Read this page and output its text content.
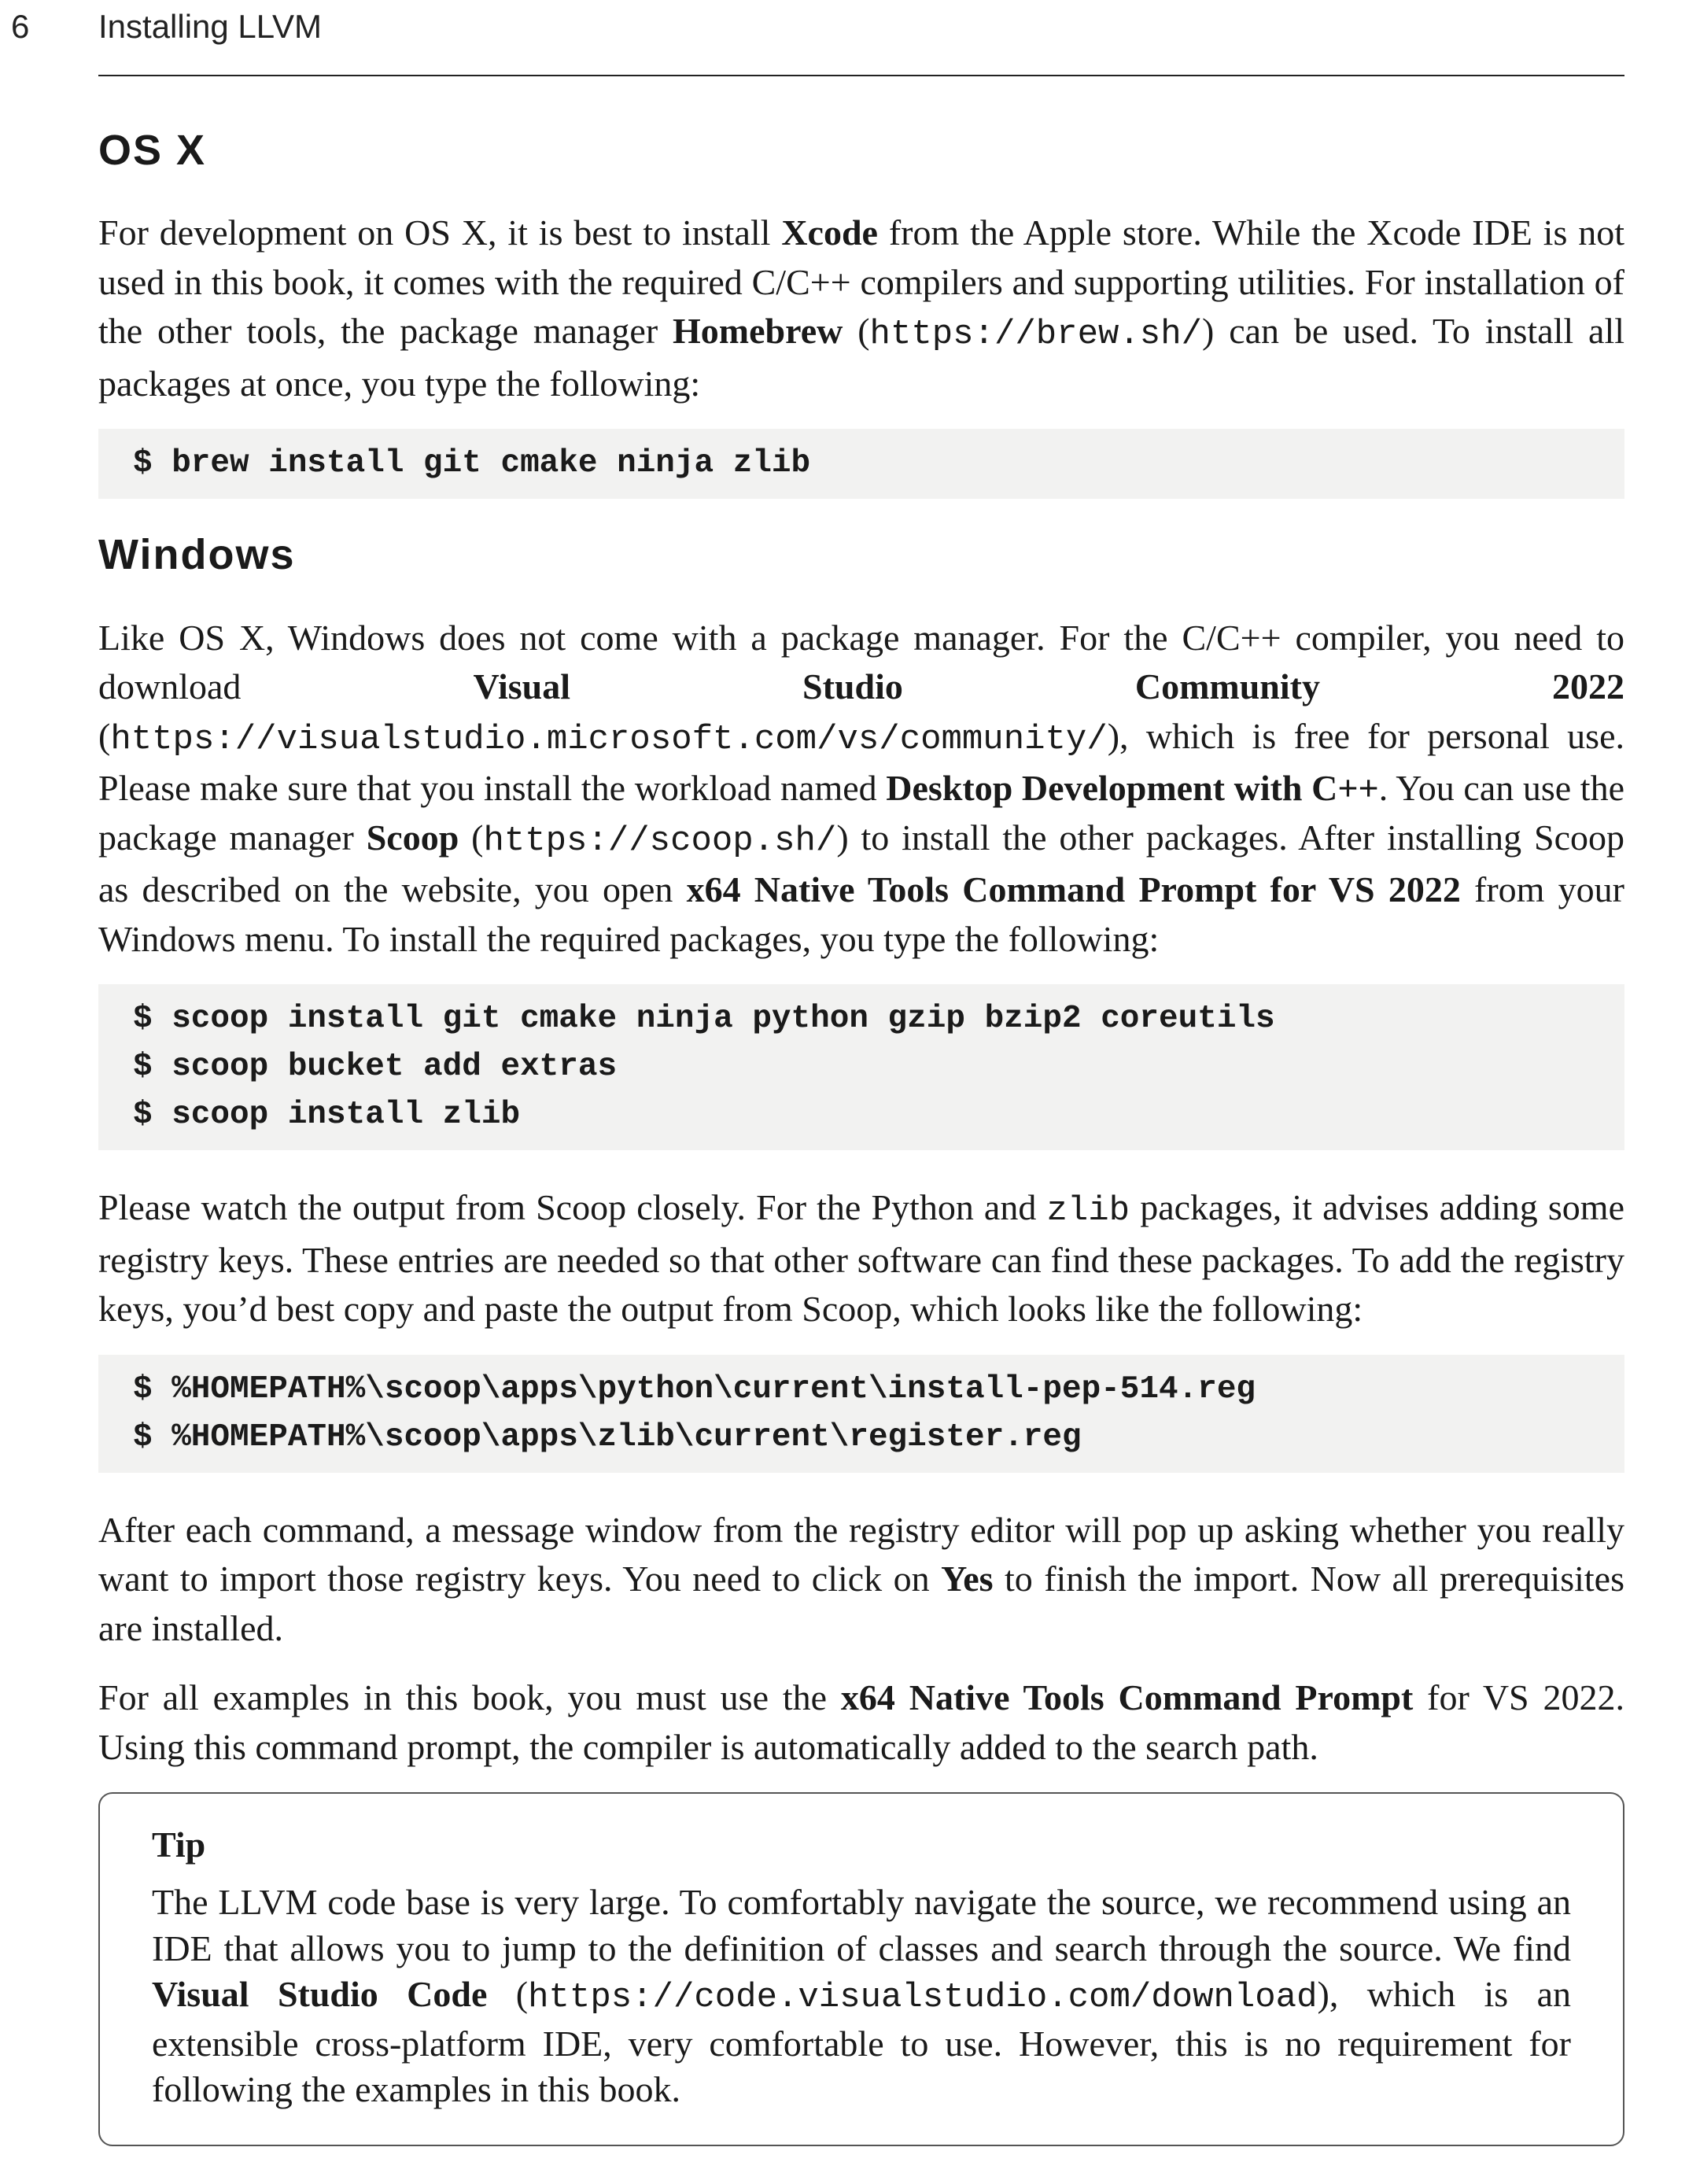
6 Installing LLVM
OS X

For development on OS X, it is best to install Xcode from the Apple store. While the Xcode IDE is not used in this book, it comes with the required C/C++ compilers and supporting utilities. For installation of the other tools, the package manager Homebrew (https://brew.sh/) can be used. To install all packages at once, you type the following:

$ brew install git cmake ninja zlib
Windows

Like OS X, Windows does not come with a package manager. For the C/C++ compiler, you need to download Visual Studio Community 2022 (https://visualstudio.microsoft.com/vs/community/), which is free for personal use. Please make sure that you install the workload named Desktop Development with C++. You can use the package manager Scoop (https://scoop.sh/) to install the other packages. After installing Scoop as described on the website, you open x64 Native Tools Command Prompt for VS 2022 from your Windows menu. To install the required packages, you type the following:

$ scoop install git cmake ninja python gzip bzip2 coreutils
$ scoop bucket add extras
$ scoop install zlib

Please watch the output from Scoop closely. For the Python and zlib packages, it advises adding some registry keys. These entries are needed so that other software can find these packages. To add the registry keys, you’d best copy and paste the output from Scoop, which looks like the following:

$ %HOMEPATH%\scoop\apps\python\current\install-pep-514.reg
$ %HOMEPATH%\scoop\apps\zlib\current\register.reg

After each command, a message window from the registry editor will pop up asking whether you really want to import those registry keys. You need to click on Yes to finish the import. Now all prerequisites are installed.

For all examples in this book, you must use the x64 Native Tools Command Prompt for VS 2022. Using this command prompt, the compiler is automatically added to the search path.

Tip

The LLVM code base is very large. To comfortably navigate the source, we recommend using an IDE that allows you to jump to the definition of classes and search through the source. We find Visual Studio Code (https://code.visualstudio.com/download), which is an extensible cross-platform IDE, very comfortable to use. However, this is no requirement for following the examples in this book.
